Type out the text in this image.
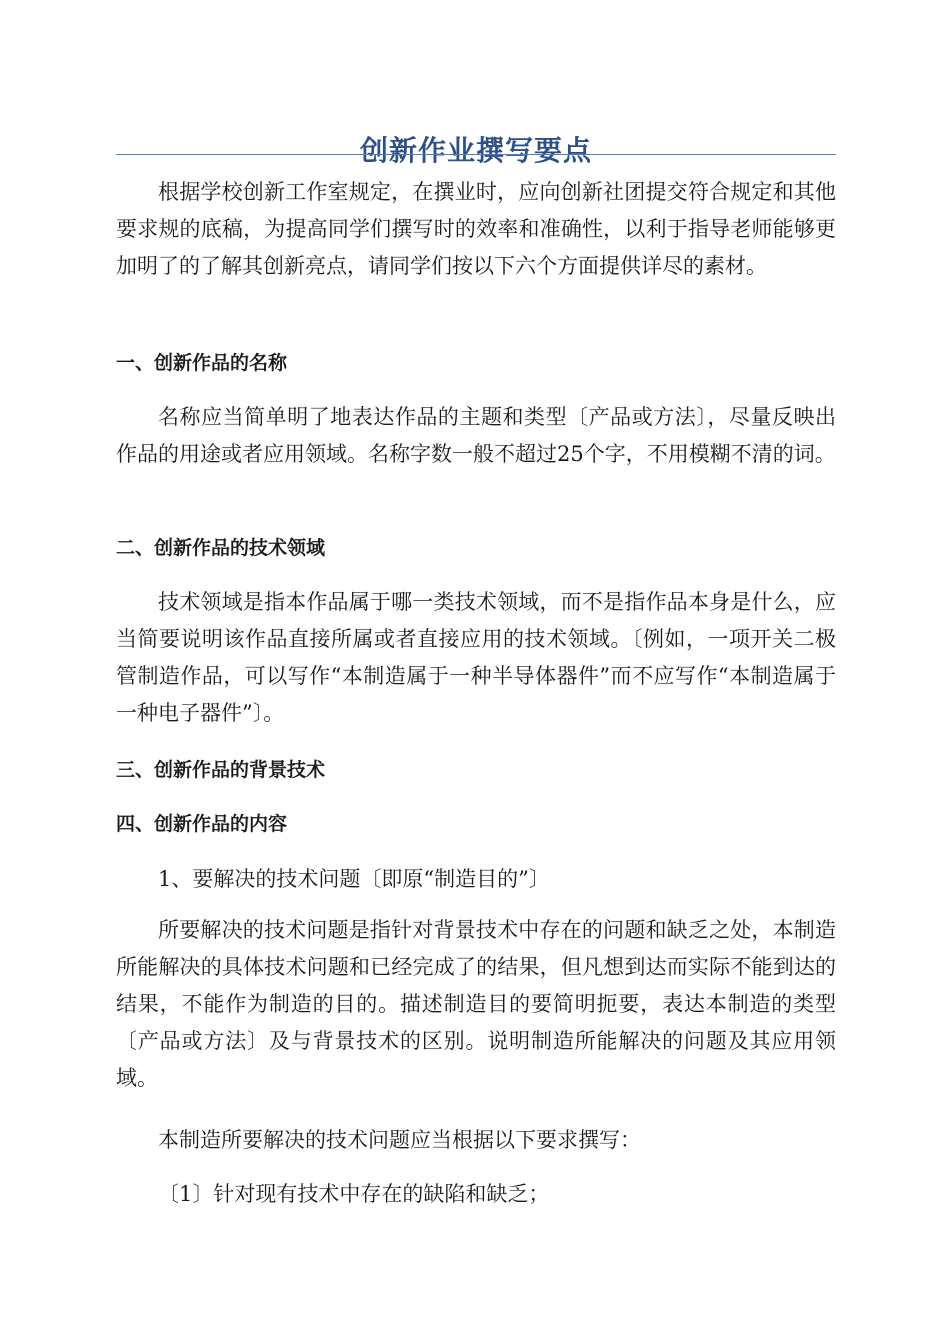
创新作业撰写要点

根据学校创新工作室规定，在撰业时，应向创新社团提交符合规定和其他要求规的底稿，为提高同学们撰写时的效率和准确性，以利于指导老师能够更加明了的了解其创新亮点，请同学们按以下六个方面提供详尽的素材。

一、创新作品的名称

名称应当简单明了地表达作品的主题和类型〔产品或方法〕，尽量反映出作品的用途或者应用领域。名称字数一般不超过25个字，不用模糊不清的词。

二、创新作品的技术领域

技术领域是指本作品属于哪一类技术领域，而不是指作品本身是什么，应当简要说明该作品直接所属或者直接应用的技术领域。〔例如，一项开关二极管制造作品，可以写作“本制造属于一种半导体器件”而不应写作“本制造属于一种电子器件”〕。

三、创新作品的背景技术
四、创新作品的内容

1、要解决的技术问题〔即原“制造目的”〕

所要解决的技术问题是指针对背景技术中存在的问题和缺乏之处，本制造所能解决的具体技术问题和已经完成了的结果，但凡想到达而实际不能到达的结果，不能作为制造的目的。描述制造目的要简明扼要，表达本制造的类型〔产品或方法〕及与背景技术的区别。说明制造所能解决的问题及其应用领域。

本制造所要解决的技术问题应当根据以下要求撰写：

〔1〕针对现有技术中存在的缺陷和缺乏；
